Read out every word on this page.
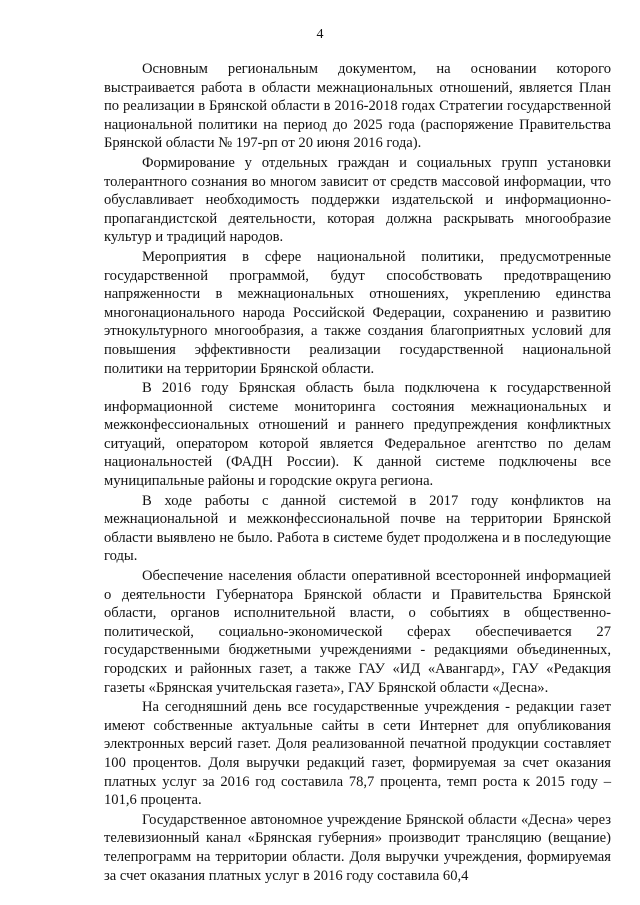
4

Основным региональным документом, на основании которого выстраивается работа в области межнациональных отношений, является План по реализации в Брянской области в 2016-2018 годах Стратегии государственной национальной политики на период до 2025 года (распоряжение Правительства Брянской области № 197-рп от 20 июня 2016 года).

Формирование у отдельных граждан и социальных групп установки толерантного сознания во многом зависит от средств массовой информации, что обуславливает необходимость поддержки издательской и информационно-пропагандистской деятельности, которая должна раскрывать многообразие культур и традиций народов.

Мероприятия в сфере национальной политики, предусмотренные государственной программой, будут способствовать предотвращению напряженности в межнациональных отношениях, укреплению единства многонационального народа Российской Федерации, сохранению и развитию этнокультурного многообразия, а также создания благоприятных условий для повышения эффективности реализации государственной национальной политики на территории Брянской области.

В 2016 году Брянская область была подключена к государственной информационной системе мониторинга состояния межнациональных и межконфессиональных отношений и раннего предупреждения конфликтных ситуаций, оператором которой является Федеральное агентство по делам национальностей (ФАДН России). К данной системе подключены все муниципальные районы и городские округа региона.

В ходе работы с данной системой в 2017 году конфликтов на межнациональной и межконфессиональной почве на территории Брянской области выявлено не было. Работа в системе будет продолжена и в последующие годы.

Обеспечение населения области оперативной всесторонней информацией о деятельности Губернатора Брянской области и Правительства Брянской области, органов исполнительной власти, о событиях в общественно-политической, социально-экономической сферах обеспечивается 27 государственными бюджетными учреждениями - редакциями объединенных, городских и районных газет, а также ГАУ «ИД «Авангард», ГАУ «Редакция газеты «Брянская учительская газета», ГАУ Брянской области «Десна».

На сегодняшний день все государственные учреждения - редакции газет имеют собственные актуальные сайты в сети Интернет для опубликования электронных версий газет. Доля реализованной печатной продукции составляет 100 процентов. Доля выручки редакций газет, формируемая за счет оказания платных услуг за 2016 год составила 78,7 процента, темп роста к 2015 году – 101,6 процента.

Государственное автономное учреждение Брянской области «Десна» через телевизионный канал «Брянская губерния» производит трансляцию (вещание) телепрограмм на территории области. Доля выручки учреждения, формируемая за счет оказания платных услуг в 2016 году составила 60,4
